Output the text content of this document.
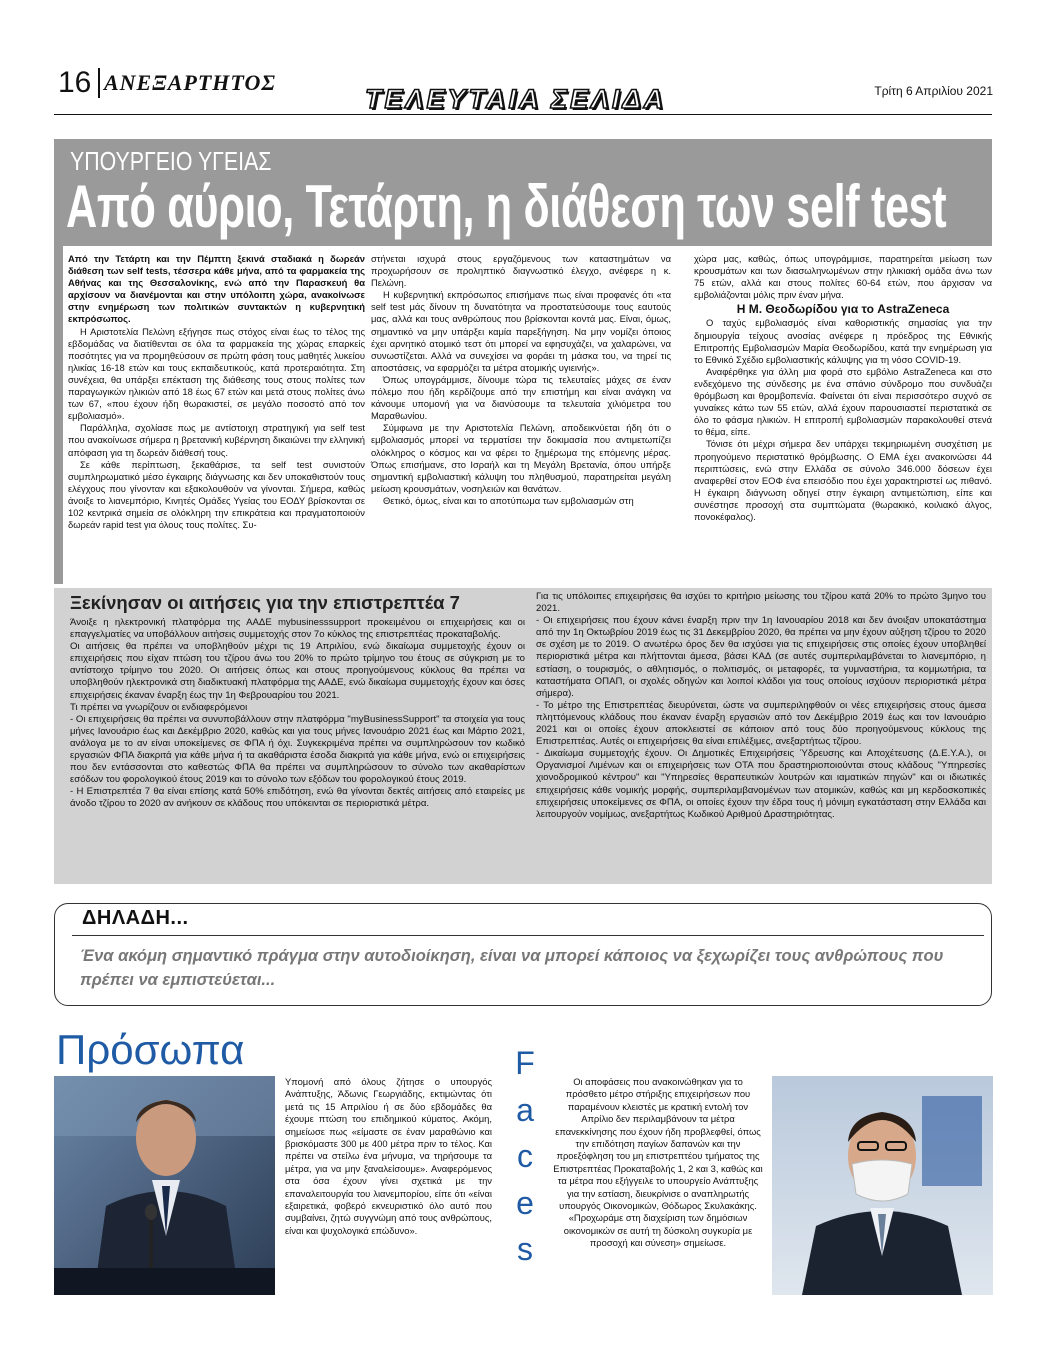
16 ΑΝΕΞΑΡΤΗΤΟΣ
ΤΕΛΕΥΤΑΙΑ ΣΕΛΙΔΑ	Τρίτη 6 Απριλίου 2021
ΥΠΟΥΡΓΕΙΟ ΥΓΕΙΑΣ
Από αύριο, Τετάρτη, η διάθεση των self test

Από την Τετάρτη και την Πέμπτη ξεκινά σταδιακά η δωρεάν διάθεση των self tests, τέσσερα κάθε μήνα, από τα φαρμακεία της Αθήνας και της Θεσσαλονίκης, ενώ από την Παρασκευή θα αρχίσουν να διανέμονται και στην υπόλοιπη χώρα, ανακοίνωσε στην ενημέρωση των πολιτικών συντακτών η κυβερνητική εκπρόσωπος.

Η Αριστοτελία Πελώνη εξήγησε πως στόχος είναι έως το τέλος της εβδομάδας να διατίθενται σε όλα τα φαρμακεία της χώρας επαρκείς ποσότητες για να προμηθεύσουν σε πρώτη φάση τους μαθητές λυκείου ηλικίας 16-18 ετών και τους εκπαιδευτικούς, κατά προτεραιότητα. Στη συνέχεια, θα υπάρξει επέκταση της διάθεσης τους στους πολίτες των παραγωγικών ηλικιών από 18 έως 67 ετών και μετά στους πολίτες άνω των 67, «που έχουν ήδη θωρακιστεί, σε μεγάλο ποσοστό από τον εμβολιασμό».

Παράλληλα, σχολίασε πως με αντίστοιχη στρατηγική για self test που ανακοίνωσε σήμερα η βρετανική κυβέρνηση δικαιώνει την ελληνική απόφαση για τη δωρεάν διάθεσή τους.

Σε κάθε περίπτωση, ξεκαθάρισε, τα self test συνιστούν συμπληρωματικό μέσο έγκαιρης διάγνωσης και δεν υποκαθιστούν τους ελέγχους που γίνονταν και εξακολουθούν να γίνονται. Σήμερα, καθώς άνοιξε το λιανεμπόριο, Κινητές Ομάδες Υγείας του ΕΟΔΥ βρίσκονται σε 102 κεντρικά σημεία σε ολόκληρη την επικράτεια και πραγματοποιούν δωρεάν rapid test για όλους τους πολίτες. Συ-

στήνεται ισχυρά στους εργαζόμενους των καταστημάτων να προχωρήσουν σε προληπτικό διαγνωστικό έλεγχο, ανέφερε η κ. Πελώνη.

Η κυβερνητική εκπρόσωπος επισήμανε πως είναι προφανές ότι «τα self test μάς δίνουν τη δυνατότητα να προστατεύσουμε τους εαυτούς μας, αλλά και τους ανθρώπους που βρίσκονται κοντά μας. Είναι, όμως, σημαντικό να μην υπάρξει καμία παρεξήγηση. Να μην νομίζει όποιος έχει αρνητικό ατομικό τεστ ότι μπορεί να εφησυχάζει, να χαλαρώνει, να συνωστίζεται. Αλλά να συνεχίσει να φοράει τη μάσκα του, να τηρεί τις αποστάσεις, να εφαρμόζει τα μέτρα ατομικής υγιεινής».

Όπως υπογράμμισε, δίνουμε τώρα τις τελευταίες μάχες σε έναν πόλεμο που ήδη κερδίζουμε από την επιστήμη και είναι ανάγκη να κάνουμε υπομονή για να διανύσουμε τα τελευταία χιλιόμετρα του Μαραθωνίου.

Σύμφωνα με την Αριστοτελία Πελώνη, αποδεικνύεται ήδη ότι ο εμβολιασμός μπορεί να τερματίσει την δοκιμασία που αντιμετωπίζει ολόκληρος ο κόσμος και να φέρει το ξημέρωμα της επόμενης μέρας. Όπως επισήμανε, στο Ισραήλ και τη Μεγάλη Βρετανία, όπου υπήρξε σημαντική εμβολιαστική κάλυψη του πληθυσμού, παρατηρείται μεγάλη μείωση κρουσμάτων, νοσηλειών και θανάτων.

Θετικό, όμως, είναι και το αποτύπωμα των εμβολιασμών στη

χώρα μας, καθώς, όπως υπογράμμισε, παρατηρείται μείωση των κρουσμάτων και των διασωληνωμένων στην ηλικιακή ομάδα άνω των 75 ετών, αλλά και στους πολίτες 60-64 ετών, που άρχισαν να εμβολιάζονται μόλις πριν έναν μήνα.

Η Μ. Θεοδωρίδου για το AstraZeneca

Ο ταχύς εμβολιασμός είναι καθοριστικής σημασίας για την δημιουργία τείχους ανοσίας ανέφερε η πρόεδρος της Εθνικής Επιτροπής Εμβολιασμών Μαρία Θεοδωρίδου, κατά την ενημέρωση για το Εθνικό Σχέδιο εμβολιαστικής κάλυψης για τη νόσο COVID-19.

Αναφέρθηκε για άλλη μια φορά στο εμβόλιο AstraZeneca και στο ενδεχόμενο της σύνδεσης με ένα σπάνιο σύνδρομο που συνδυάζει θρόμβωση και θρομβοπενία. Φαίνεται ότι είναι περισσότερο συχνό σε γυναίκες κάτω των 55 ετών, αλλά έχουν παρουσιαστεί περιστατικά σε όλο το φάσμα ηλικιών. Η επιτροπή εμβολιασμών παρακολουθεί στενά το θέμα, είπε.

Τόνισε ότι μέχρι σήμερα δεν υπάρχει τεκμηριωμένη συσχέτιση με προηγούμενο περιστατικό θρόμβωσης. Ο ΕΜΑ έχει ανακοινώσει 44 περιπτώσεις, ενώ στην Ελλάδα σε σύνολο 346.000 δόσεων έχει αναφερθεί στον ΕΟΦ ένα επεισόδιο που έχει χαρακτηριστεί ως πιθανό. Η έγκαιρη διάγνωση οδηγεί στην έγκαιρη αντιμετώπιση, είπε και συνέστησε προσοχή στα συμπτώματα (θωρακικό, κοιλιακό άλγος, πονοκέφαλος).

Ξεκίνησαν οι αιτήσεις για την επιστρεπτέα 7

Άνοιξε η ηλεκτρονική πλατφόρμα της ΑΑΔΕ mybusinesssupport προκειμένου οι επιχειρήσεις και οι επαγγελματίες να υποβάλλουν αιτήσεις συμμετοχής στον 7ο κύκλος της επιστρεπτέας προκαταβολής.

Οι αιτήσεις θα πρέπει να υποβληθούν μέχρι τις 19 Απριλίου, ενώ δικαίωμα συμμετοχής έχουν οι επιχειρήσεις που είχαν πτώση του τζίρου άνω του 20% το πρώτο τρίμηνο του έτους σε σύγκριση με το αντίστοιχο τρίμηνο του 2020. Οι αιτήσεις όπως και στους προηγούμενους κύκλους θα πρέπει να υποβληθούν ηλεκτρονικά στη διαδικτυακή πλατφόρμα της ΑΑΔΕ, ενώ δικαίωμα συμμετοχής έχουν και όσες επιχειρήσεις έκαναν έναρξη έως την 1η Φεβρουαρίου του 2021.

Τι πρέπει να γνωρίζουν οι ενδιαφερόμενοι

- Οι επιχειρήσεις θα πρέπει να συνυποβάλλουν στην πλατφόρμα "myBusinessSupport" τα στοιχεία για τους μήνες Ιανουάριο έως και Δεκέμβριο 2020, καθώς και για τους μήνες Ιανουάριο 2021 έως και Μάρτιο 2021, ανάλογα με το αν είναι υποκείμενες σε ΦΠΑ ή όχι. Συγκεκριμένα πρέπει να συμπληρώσουν τον κωδικό εργασιών ΦΠΑ διακριτά για κάθε μήνα ή τα ακαθάριστα έσοδα διακριτά για κάθε μήνα, ενώ οι επιχειρήσεις που δεν εντάσσονται στο καθεστώς ΦΠΑ θα πρέπει να συμπληρώσουν το σύνολο των ακαθαρίστων εσόδων του φορολογικού έτους 2019 και το σύνολο των εξόδων του φορολογικού έτους 2019.

- Η Επιστρεπτέα 7 θα είναι επίσης κατά 50% επιδότηση, ενώ θα γίνονται δεκτές αιτήσεις από εταιρείες με άνοδο τζίρου το 2020 αν ανήκουν σε κλάδους που υπόκεινται σε περιοριστικά μέτρα.

Για τις υπόλοιπες επιχειρήσεις θα ισχύει το κριτήριο μείωσης του τζίρου κατά 20% το πρώτο 3μηνο του 2021.

- Οι επιχειρήσεις που έχουν κάνει έναρξη πριν την 1η Ιανουαρίου 2018 και δεν άνοιξαν υποκατάστημα από την 1η Οκτωβρίου 2019 έως τις 31 Δεκεμβρίου 2020, θα πρέπει να μην έχουν αύξηση τζίρου το 2020 σε σχέση με το 2019. Ο ανωτέρω όρος δεν θα ισχύσει για τις επιχειρήσεις στις οποίες έχουν υποβληθεί περιοριστικά μέτρα και πλήττονται άμεσα, βάσει ΚΑΔ (σε αυτές συμπεριλαμβάνεται το λιανεμπόριο, η εστίαση, ο τουρισμός, ο αθλητισμός, ο πολιτισμός, οι μεταφορές, τα γυμναστήρια, τα κομμωτήρια, τα καταστήματα ΟΠΑΠ, οι σχολές οδηγών και λοιποί κλάδοι για τους οποίους ισχύουν περιοριστικά μέτρα σήμερα).

- Το μέτρο της Επιστρεπτέας διευρύνεται, ώστε να συμπεριληφθούν οι νέες επιχειρήσεις στους άμεσα πληττόμενους κλάδους που έκαναν έναρξη εργασιών από τον Δεκέμβριο 2019 έως και τον Ιανουάριο 2021 και οι οποίες έχουν αποκλειστεί σε κάποιον από τους δύο προηγούμενους κύκλους της Επιστρεπτέας. Αυτές οι επιχειρήσεις θα είναι επιλέξιμες, ανεξαρτήτως τζίρου.

- Δικαίωμα συμμετοχής έχουν. Οι Δημοτικές Επιχειρήσεις Ύδρευσης και Αποχέτευσης (Δ.Ε.Υ.Α.), οι Οργανισμοί Λιμένων και οι επιχειρήσεις των ΟΤΑ που δραστηριοποιούνται στους κλάδους "Υπηρεσίες χιονοδρομικού κέντρου" και "Υπηρεσίες θεραπευτικών λουτρών και ιαματικών πηγών" και οι ιδιωτικές επιχειρήσεις κάθε νομικής μορφής, συμπεριλαμβανομένων των ατομικών, καθώς και μη κερδοσκοπικές επιχειρήσεις υποκείμενες σε ΦΠΑ, οι οποίες έχουν την έδρα τους ή μόνιμη εγκατάσταση στην Ελλάδα και λειτουργούν νομίμως, ανεξαρτήτως Κωδικού Αριθμού Δραστηριότητας.

ΔΗΛΑΔΗ...
Ένα ακόμη σημαντικό πράγμα στην αυτοδιοίκηση, είναι να μπορεί κάποιος να ξεχωρίζει τους ανθρώπους που πρέπει να εμπιστεύεται...
Πρόσωπα
Υπομονή από όλους ζήτησε ο υπουργός Ανάπτυξης, Άδωνις Γεωργιάδης, εκτιμώντας ότι μετά τις 15 Απριλίου ή σε δύο εβδομάδες θα έχουμε πτώση του επιδημικού κύματος. Ακόμη, σημείωσε πως «είμαστε σε έναν μαραθώνιο και βρισκόμαστε 300 με 400 μέτρα πριν το τέλος. Και πρέπει να στείλω ένα μήνυμα, να τηρήσουμε τα μέτρα, για να μην ξαναλείσουμε». Αναφερόμενος στα όσα έχουν γίνει σχετικά με την επαναλειτουργία του λιανεμπορίου, είπε ότι «είναι εξαιρετικά, φοβερό εκνευριστικό όλο αυτό που συμβαίνει, ζητώ συγγνώμη από τους ανθρώπους, είναι και ψυχολογικά επώδυνο».
F
a
c
e
s
Οι αποφάσεις που ανακοινώθηκαν για το πρόσθετο μέτρο στήριξης επιχειρήσεων που παραμένουν κλειστές με κρατική εντολή τον Απρίλιο δεν περιλαμβάνουν τα μέτρα επανεκκίνησης που έχουν ήδη προβλεφθεί, όπως την επιδότηση παγίων δαπανών και την προεξόφληση του μη επιστρεπτέου τμήματος της Επιστρεπτέας Προκαταβολής 1, 2 και 3, καθώς και τα μέτρα που εξήγγειλε το υπουργείο Ανάπτυξης για την εστίαση, διευκρίνισε ο αναπληρωτής υπουργός Οικονομικών, Θόδωρος Σκυλακάκης. «Προχωράμε στη διαχείριση των δημόσιων οικονομικών σε αυτή τη δύσκολη συγκυρία με προσοχή και σύνεση» σημείωσε.
